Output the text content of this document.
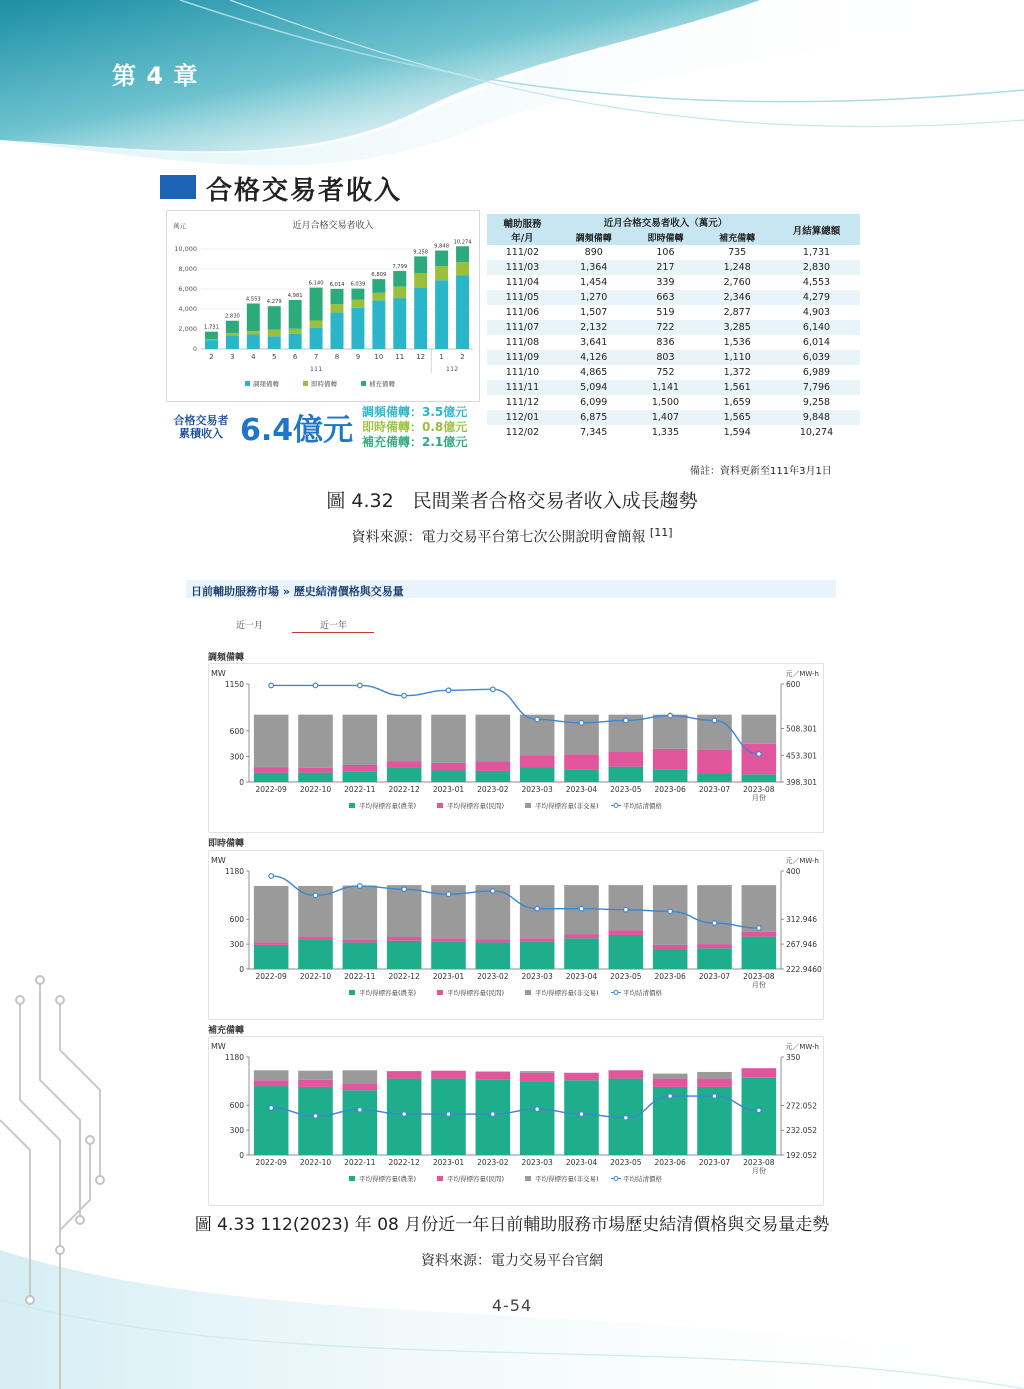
第 4 章
合格交易者收入
近月合格交易者收入
萬元
0
2,000
4,000
6,000
8,000
10,000
1,731
2
2,830
3
4,553
4
4,279
5
4,981
6
6,140
7
6,014
8
6,039
9
6,809
10
7,799
11
9,258
12
9,848
1
10,274
2
111	112
調頻備轉	即時備轉	補充備轉
合格交易者
累積收入 6.4億元
調頻備轉：3.5億元
即時備轉：0.8億元
補充備轉：2.1億元
輔助服務
年/月	近月合格交易者收入（萬元）			月結算總額
	調頻備轉	即時備轉	補充備轉	
111/02	890	106	735	1,731
111/03	1,364	217	1,248	2,830
111/04	1,454	339	2,760	4,553
111/05	1,270	663	2,346	4,279
111/06	1,507	519	2,877	4,903
111/07	2,132	722	3,285	6,140
111/08	3,641	836	1,536	6,014
111/09	4,126	803	1,110	6,039
111/10	4,865	752	1,372	6,989
111/11	5,094	1,141	1,561	7,796
111/12	6,099	1,500	1,659	9,258
112/01	6,875	1,407	1,565	9,848
112/02	7,345	1,335	1,594	10,274
備註：資料更新至111年3月1日
圖 4.32　民間業者合格交易者收入成長趨勢
資料來源：電力交易平台第七次公開說明會簡報 [11]
日前輔助服務市場 » 歷史結清價格與交易量
近一月	近一年
調頻備轉
MW	元／MW-h
0
300
600
1150
398.301
453.301
508.301
600
2022-09 2022-10 2022-11 2022-12 2023-01 2023-02 2023-03 2023-04 2023-05 2023-06 2023-07 2023-08
月份
平均得標容量(農業)	平均得標容量(民間)	平均得標容量(非交易)	平均結清價格
即時備轉
MW	元／MW-h
0
300
600
1180
222.9460
267.946
312.946
400
2022-09 2022-10 2022-11 2022-12 2023-01 2023-02 2023-03 2023-04 2023-05 2023-06 2023-07 2023-08
月份
平均得標容量(農業)	平均得標容量(民間)	平均得標容量(非交易)	平均結清價格
補充備轉
MW	元／MW-h
0
300
600
1180
192.052
232.052
272.052
350
2022-09 2022-10 2022-11 2022-12 2023-01 2023-02 2023-03 2023-04 2023-05 2023-06 2023-07 2023-08
月份
平均得標容量(農業)	平均得標容量(民間)	平均得標容量(非交易)	平均結清價格
圖 4.33 112(2023) 年 08 月份近一年日前輔助服務市場歷史結清價格與交易量走勢
資料來源：電力交易平台官網
4-54
